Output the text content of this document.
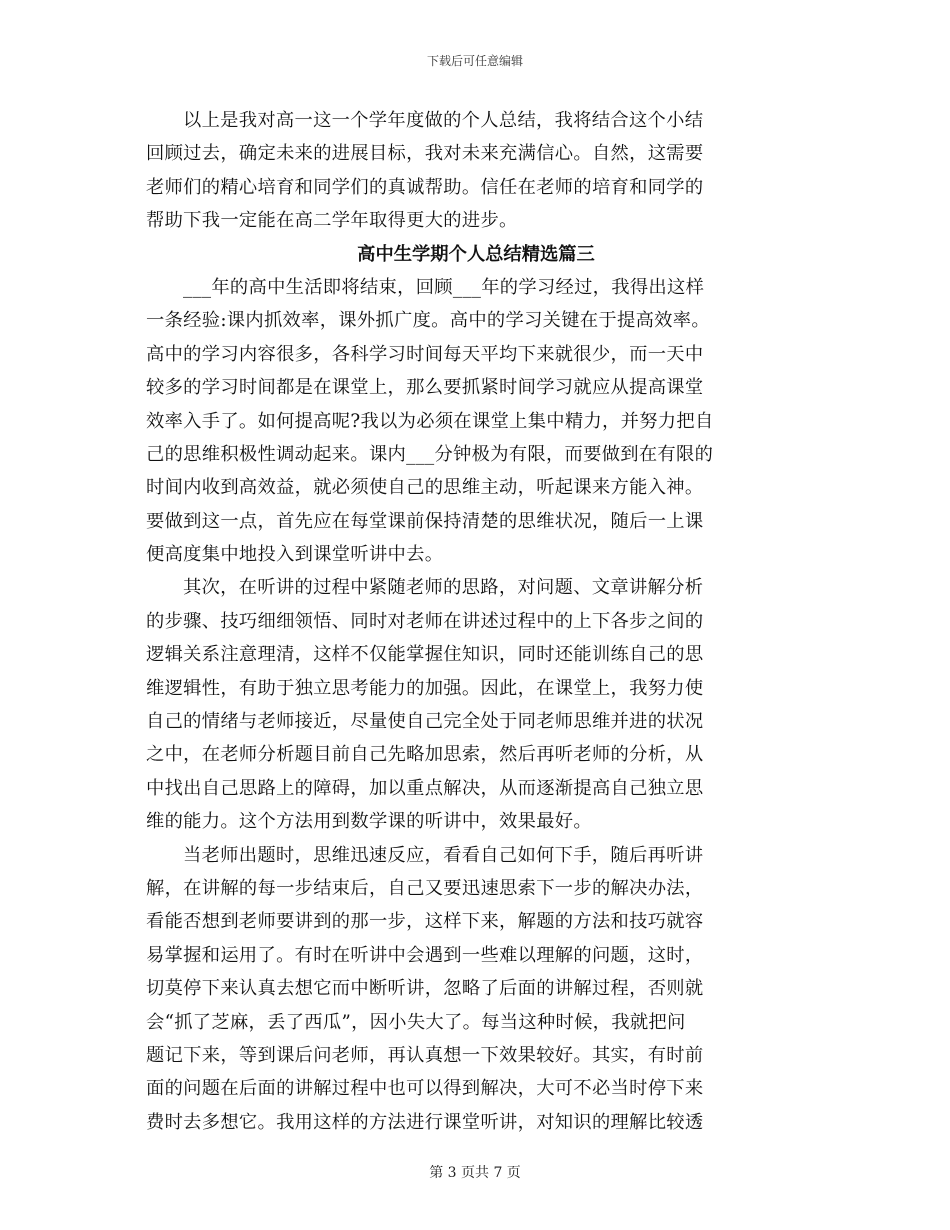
下载后可任意编辑
以上是我对高一这一个学年度做的个人总结，我将结合这个小结
回顾过去，确定未来的进展目标，我对未来充满信心。自然，这需要
老师们的精心培育和同学们的真诚帮助。信任在老师的培育和同学的
帮助下我一定能在高二学年取得更大的进步。
高中生学期个人总结精选篇三
___年的高中生活即将结束，回顾___年的学习经过，我得出这样
一条经验:课内抓效率，课外抓广度。高中的学习关键在于提高效率。
高中的学习内容很多，各科学习时间每天平均下来就很少，而一天中
较多的学习时间都是在课堂上，那么要抓紧时间学习就应从提高课堂
效率入手了。如何提高呢?我以为必须在课堂上集中精力，并努力把自
己的思维积极性调动起来。课内___分钟极为有限，而要做到在有限的
时间内收到高效益，就必须使自己的思维主动，听起课来方能入神。
要做到这一点，首先应在每堂课前保持清楚的思维状况，随后一上课
便高度集中地投入到课堂听讲中去。
其次，在听讲的过程中紧随老师的思路，对问题、文章讲解分析
的步骤、技巧细细领悟、同时对老师在讲述过程中的上下各步之间的
逻辑关系注意理清，这样不仅能掌握住知识，同时还能训练自己的思
维逻辑性，有助于独立思考能力的加强。因此，在课堂上，我努力使
自己的情绪与老师接近，尽量使自己完全处于同老师思维并进的状况
之中，在老师分析题目前自己先略加思索，然后再听老师的分析，从
中找出自己思路上的障碍，加以重点解决，从而逐渐提高自己独立思
维的能力。这个方法用到数学课的听讲中，效果最好。
当老师出题时，思维迅速反应，看看自己如何下手，随后再听讲
解，在讲解的每一步结束后，自己又要迅速思索下一步的解决办法，
看能否想到老师要讲到的那一步，这样下来，解题的方法和技巧就容
易掌握和运用了。有时在听讲中会遇到一些难以理解的问题，这时，
切莫停下来认真去想它而中断听讲，忽略了后面的讲解过程，否则就
会“抓了芝麻，丢了西瓜”，因小失大了。每当这种时候，我就把问
题记下来，等到课后问老师，再认真想一下效果较好。其实，有时前
面的问题在后面的讲解过程中也可以得到解决，大可不必当时停下来
费时去多想它。我用这样的方法进行课堂听讲，对知识的理解比较透
第 3 页共 7 页
